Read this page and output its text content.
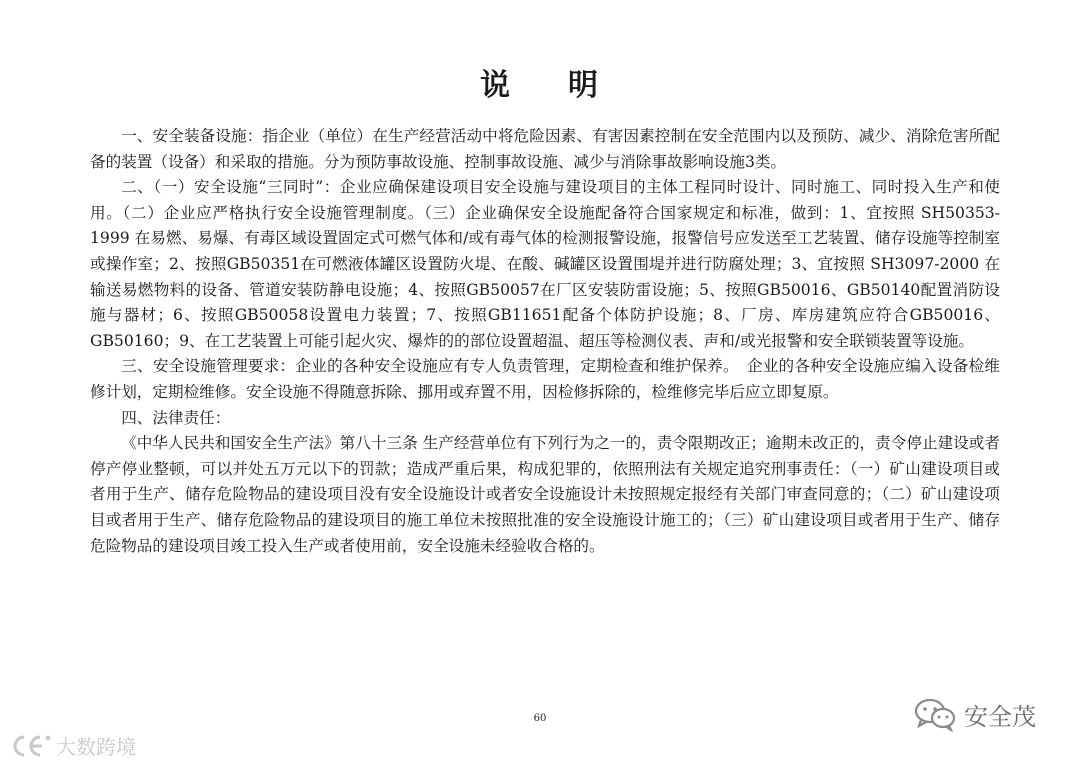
说 明

一、安全装备设施：指企业（单位）在生产经营活动中将危险因素、有害因素控制在安全范围内以及预防、减少、消除危害所配备的装置（设备）和采取的措施。分为预防事故设施、控制事故设施、减少与消除事故影响设施3类。

二、（一）安全设施“三同时”：企业应确保建设项目安全设施与建设项目的主体工程同时设计、同时施工、同时投入生产和使用。（二）企业应严格执行安全设施管理制度。（三）企业确保安全设施配备符合国家规定和标准，做到：1、宜按照 SH50353-1999 在易燃、易爆、有毒区域设置固定式可燃气体和/或有毒气体的检测报警设施，报警信号应发送至工艺装置、储存设施等控制室或操作室；2、按照GB50351在可燃液体罐区设置防火堤、在酸、碱罐区设置围堤并进行防腐处理；3、宜按照 SH3097-2000 在输送易燃物料的设备、管道安装防静电设施；4、按照GB50057在厂区安装防雷设施；5、按照GB50016、GB50140配置消防设施与器材；6、按照GB50058设置电力装置；7、按照GB11651配备个体防护设施；8、厂房、库房建筑应符合GB50016、GB50160；9、在工艺装置上可能引起火灾、爆炸的的部位设置超温、超压等检测仪表、声和/或光报警和安全联锁装置等设施。

三、安全设施管理要求：企业的各种安全设施应有专人负责管理，定期检查和维护保养。　企业的各种安全设施应编入设备检维修计划，定期检维修。安全设施不得随意拆除、挪用或弃置不用，因检修拆除的，检维修完毕后应立即复原。

四、法律责任：

《中华人民共和国安全生产法》第八十三条 生产经营单位有下列行为之一的，责令限期改正；逾期未改正的，责令停止建设或者停产停业整顿，可以并处五万元以下的罚款；造成严重后果，构成犯罪的，依照刑法有关规定追究刑事责任：（一）矿山建设项目或者用于生产、储存危险物品的建设项目没有安全设施设计或者安全设施设计未按照规定报经有关部门审查同意的；（二）矿山建设项目或者用于生产、储存危险物品的建设项目的施工单位未按照批准的安全设施设计施工的；（三）矿山建设项目或者用于生产、储存危险物品的建设项目竣工投入生产或者使用前，安全设施未经验收合格的。

60
大数跨境
安全茂
